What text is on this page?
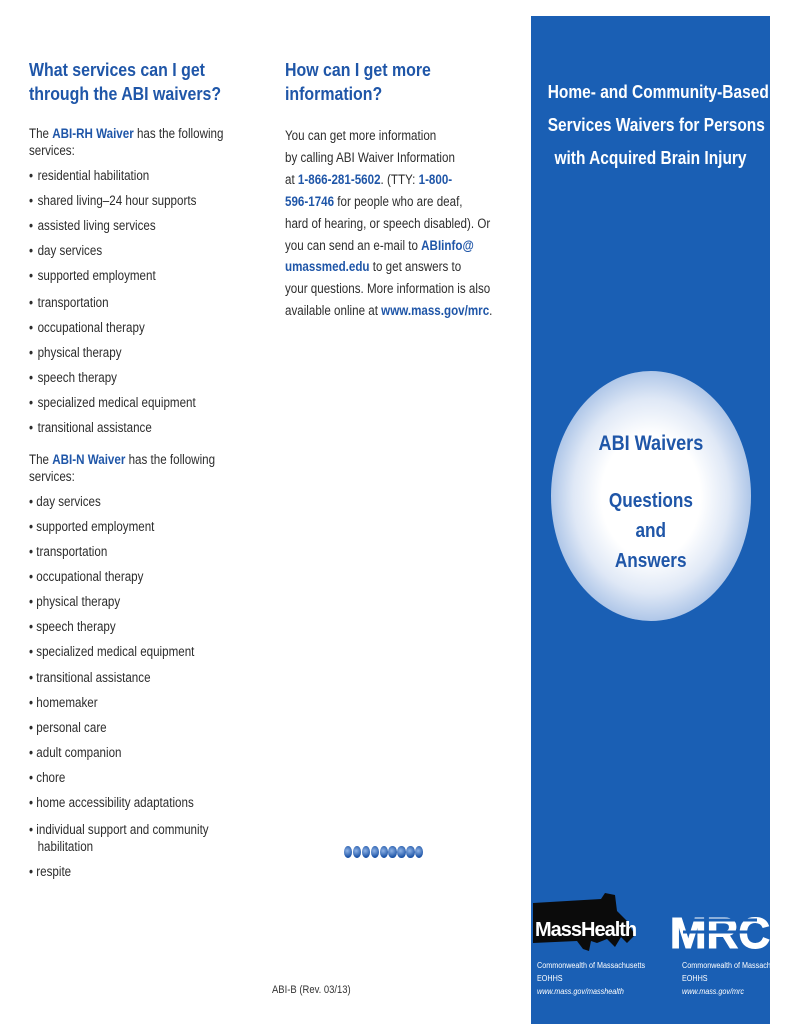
What services can I get
through the ABI waivers?

The ABI-RH Waiver has the following
services:

• residential habilitation
• shared living–24 hour supports
• assisted living services
• day services
• supported employment
• transportation
• occupational therapy
• physical therapy
• speech therapy
• specialized medical equipment
• transitional assistance

The ABI-N Waiver has the following
services:

• day services
• supported employment
• transportation
• occupational therapy
• physical therapy
• speech therapy
• specialized medical equipment
• transitional assistance
• homemaker
• personal care
• adult companion
• chore
• home accessibility adaptations
• individual support and community
habilitation
• respite
How can I get more
information?
You can get more information
by calling ABI Waiver Information
at 1-866-281-5602. (TTY: 1-800-
596-1746 for people who are deaf,
hard of hearing, or speech disabled). Or
you can send an e-mail to ABIinfo@
umassmed.edu to get answers to
your questions. More information is also
available online at www.mass.gov/mrc.
ABI-B (Rev. 03/13)
Home- and Community-Based
Services Waivers for Persons
with Acquired Brain Injury
ABI Waivers
Questions
and
Answers
MassHealth
Commonwealth of Massachusetts
EOHHS
www.mass.gov/masshealth
MRC
Commonwealth of Massachusetts
EOHHS
www.mass.gov/mrc
